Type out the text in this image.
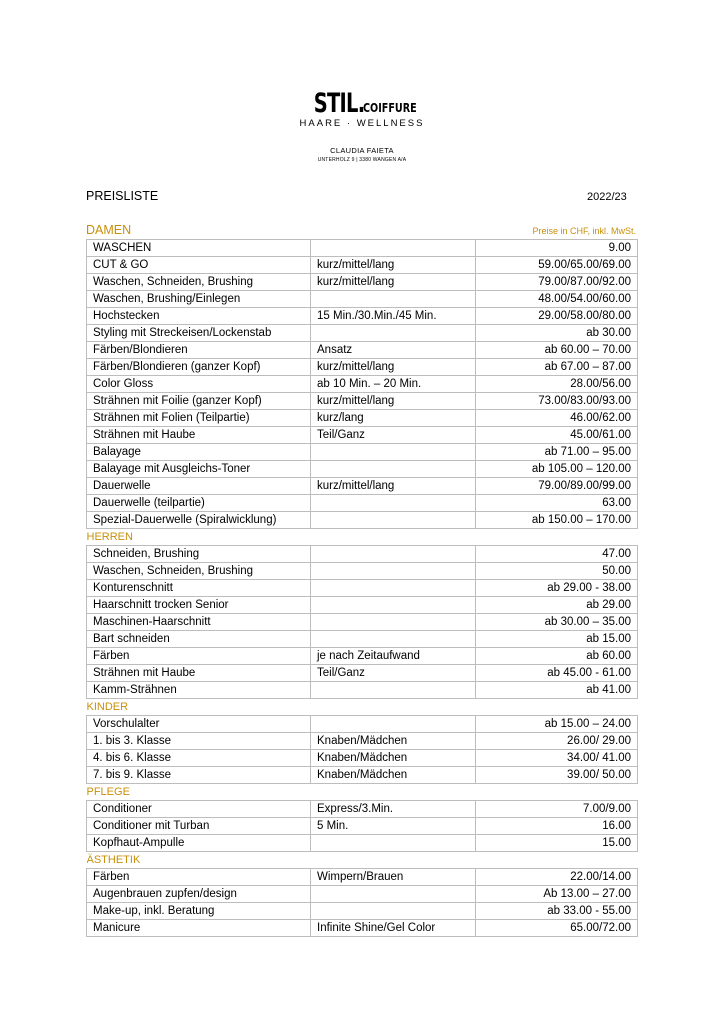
STIL.
COIFFURE
HAARE · WELLNESS
CLAUDIA FAIETA
UNTERHOLZ 9 | 3380 WANGEN A/A
PREISLISTE	2022/23
DAMEN	Preise in CHF, inkl. MwSt.
WASCHEN		9.00
CUT & GO	kurz/mittel/lang	59.00/65.00/69.00
Waschen, Schneiden, Brushing	kurz/mittel/lang	79.00/87.00/92.00
Waschen, Brushing/Einlegen		48.00/54.00/60.00
Hochstecken	15 Min./30.Min./45 Min.	29.00/58.00/80.00
Styling mit Streckeisen/Lockenstab		ab 30.00
Färben/Blondieren	Ansatz	ab 60.00 – 70.00
Färben/Blondieren (ganzer Kopf)	kurz/mittel/lang	ab 67.00 – 87.00
Color Gloss	ab 10 Min. – 20 Min.	28.00/56.00
Strähnen mit Foilie (ganzer Kopf)	kurz/mittel/lang	73.00/83.00/93.00
Strähnen mit Folien (Teilpartie)	kurz/lang	46.00/62.00
Strähnen mit Haube	Teil/Ganz	45.00/61.00
Balayage		ab 71.00 – 95.00
Balayage mit Ausgleichs-Toner		ab 105.00 – 120.00
Dauerwelle	kurz/mittel/lang	79.00/89.00/99.00
Dauerwelle (teilpartie)		63.00
Spezial-Dauerwelle (Spiralwicklung)		ab 150.00 – 170.00
HERREN		
Schneiden, Brushing		47.00
Waschen, Schneiden, Brushing		50.00
Konturenschnitt		ab 29.00 - 38.00
Haarschnitt trocken Senior		ab 29.00
Maschinen-Haarschnitt		ab 30.00 – 35.00
Bart schneiden		ab 15.00
Färben	je nach Zeitaufwand	ab 60.00
Strähnen mit Haube	Teil/Ganz	ab 45.00 - 61.00
Kamm-Strähnen		ab 41.00
KINDER		
Vorschulalter		ab 15.00 – 24.00
1. bis 3. Klasse	Knaben/Mädchen	26.00/ 29.00
4. bis 6. Klasse	Knaben/Mädchen	34.00/ 41.00
7. bis 9. Klasse	Knaben/Mädchen	39.00/ 50.00
PFLEGE		
Conditioner	Express/3.Min.	7.00/9.00
Conditioner mit Turban	5 Min.	16.00
Kopfhaut-Ampulle		15.00
ÄSTHETIK		
Färben	Wimpern/Brauen	22.00/14.00
Augenbrauen zupfen/design		Ab 13.00 – 27.00
Make-up, inkl. Beratung		ab 33.00 - 55.00
Manicure	Infinite Shine/Gel Color	65.00/72.00
